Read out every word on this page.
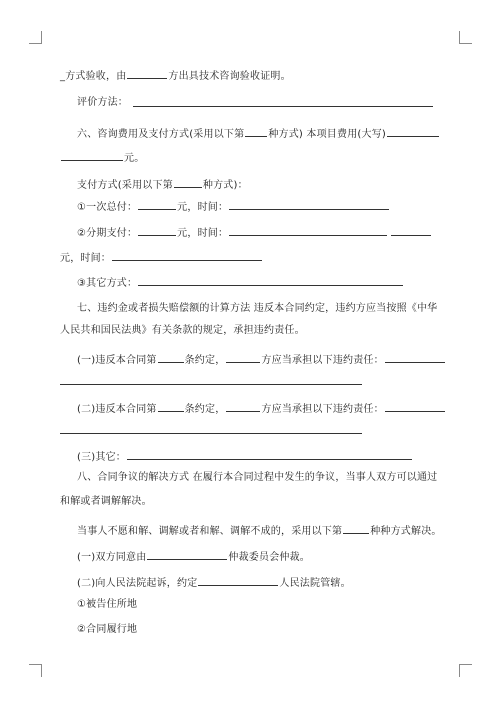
_方式验收，由	方出具技术咨询验收证明。
评价方法：
六、咨询费用及支付方式(采用以下第 种方式) 本项目费用(大写)
元。
支付方式(采用以下第	种方式)：
①一次总付：	元，时间：
②分期支付：	元，时间：
元，时间：
③其它方式：
七、违约金或者损失赔偿额的计算方法 违反本合同约定，违约方应当按照《中华
人民共和国民法典》有关条款的规定，承担违约责任。
(一)违反本合同第	条约定，	方应当承担以下违约责任：
(二)违反本合同第	条约定，	方应当承担以下违约责任：
(三)其它：
八、合同争议的解决方式 在履行本合同过程中发生的争议，当事人双方可以通过
和解或者调解解决。
当事人不愿和解、调解或者和解、调解不成的，采用以下第	种种方式解决。
(一)双方同意由	仲裁委员会仲裁。
(二)向人民法院起诉，约定	人民法院管辖。
①被告住所地
②合同履行地
